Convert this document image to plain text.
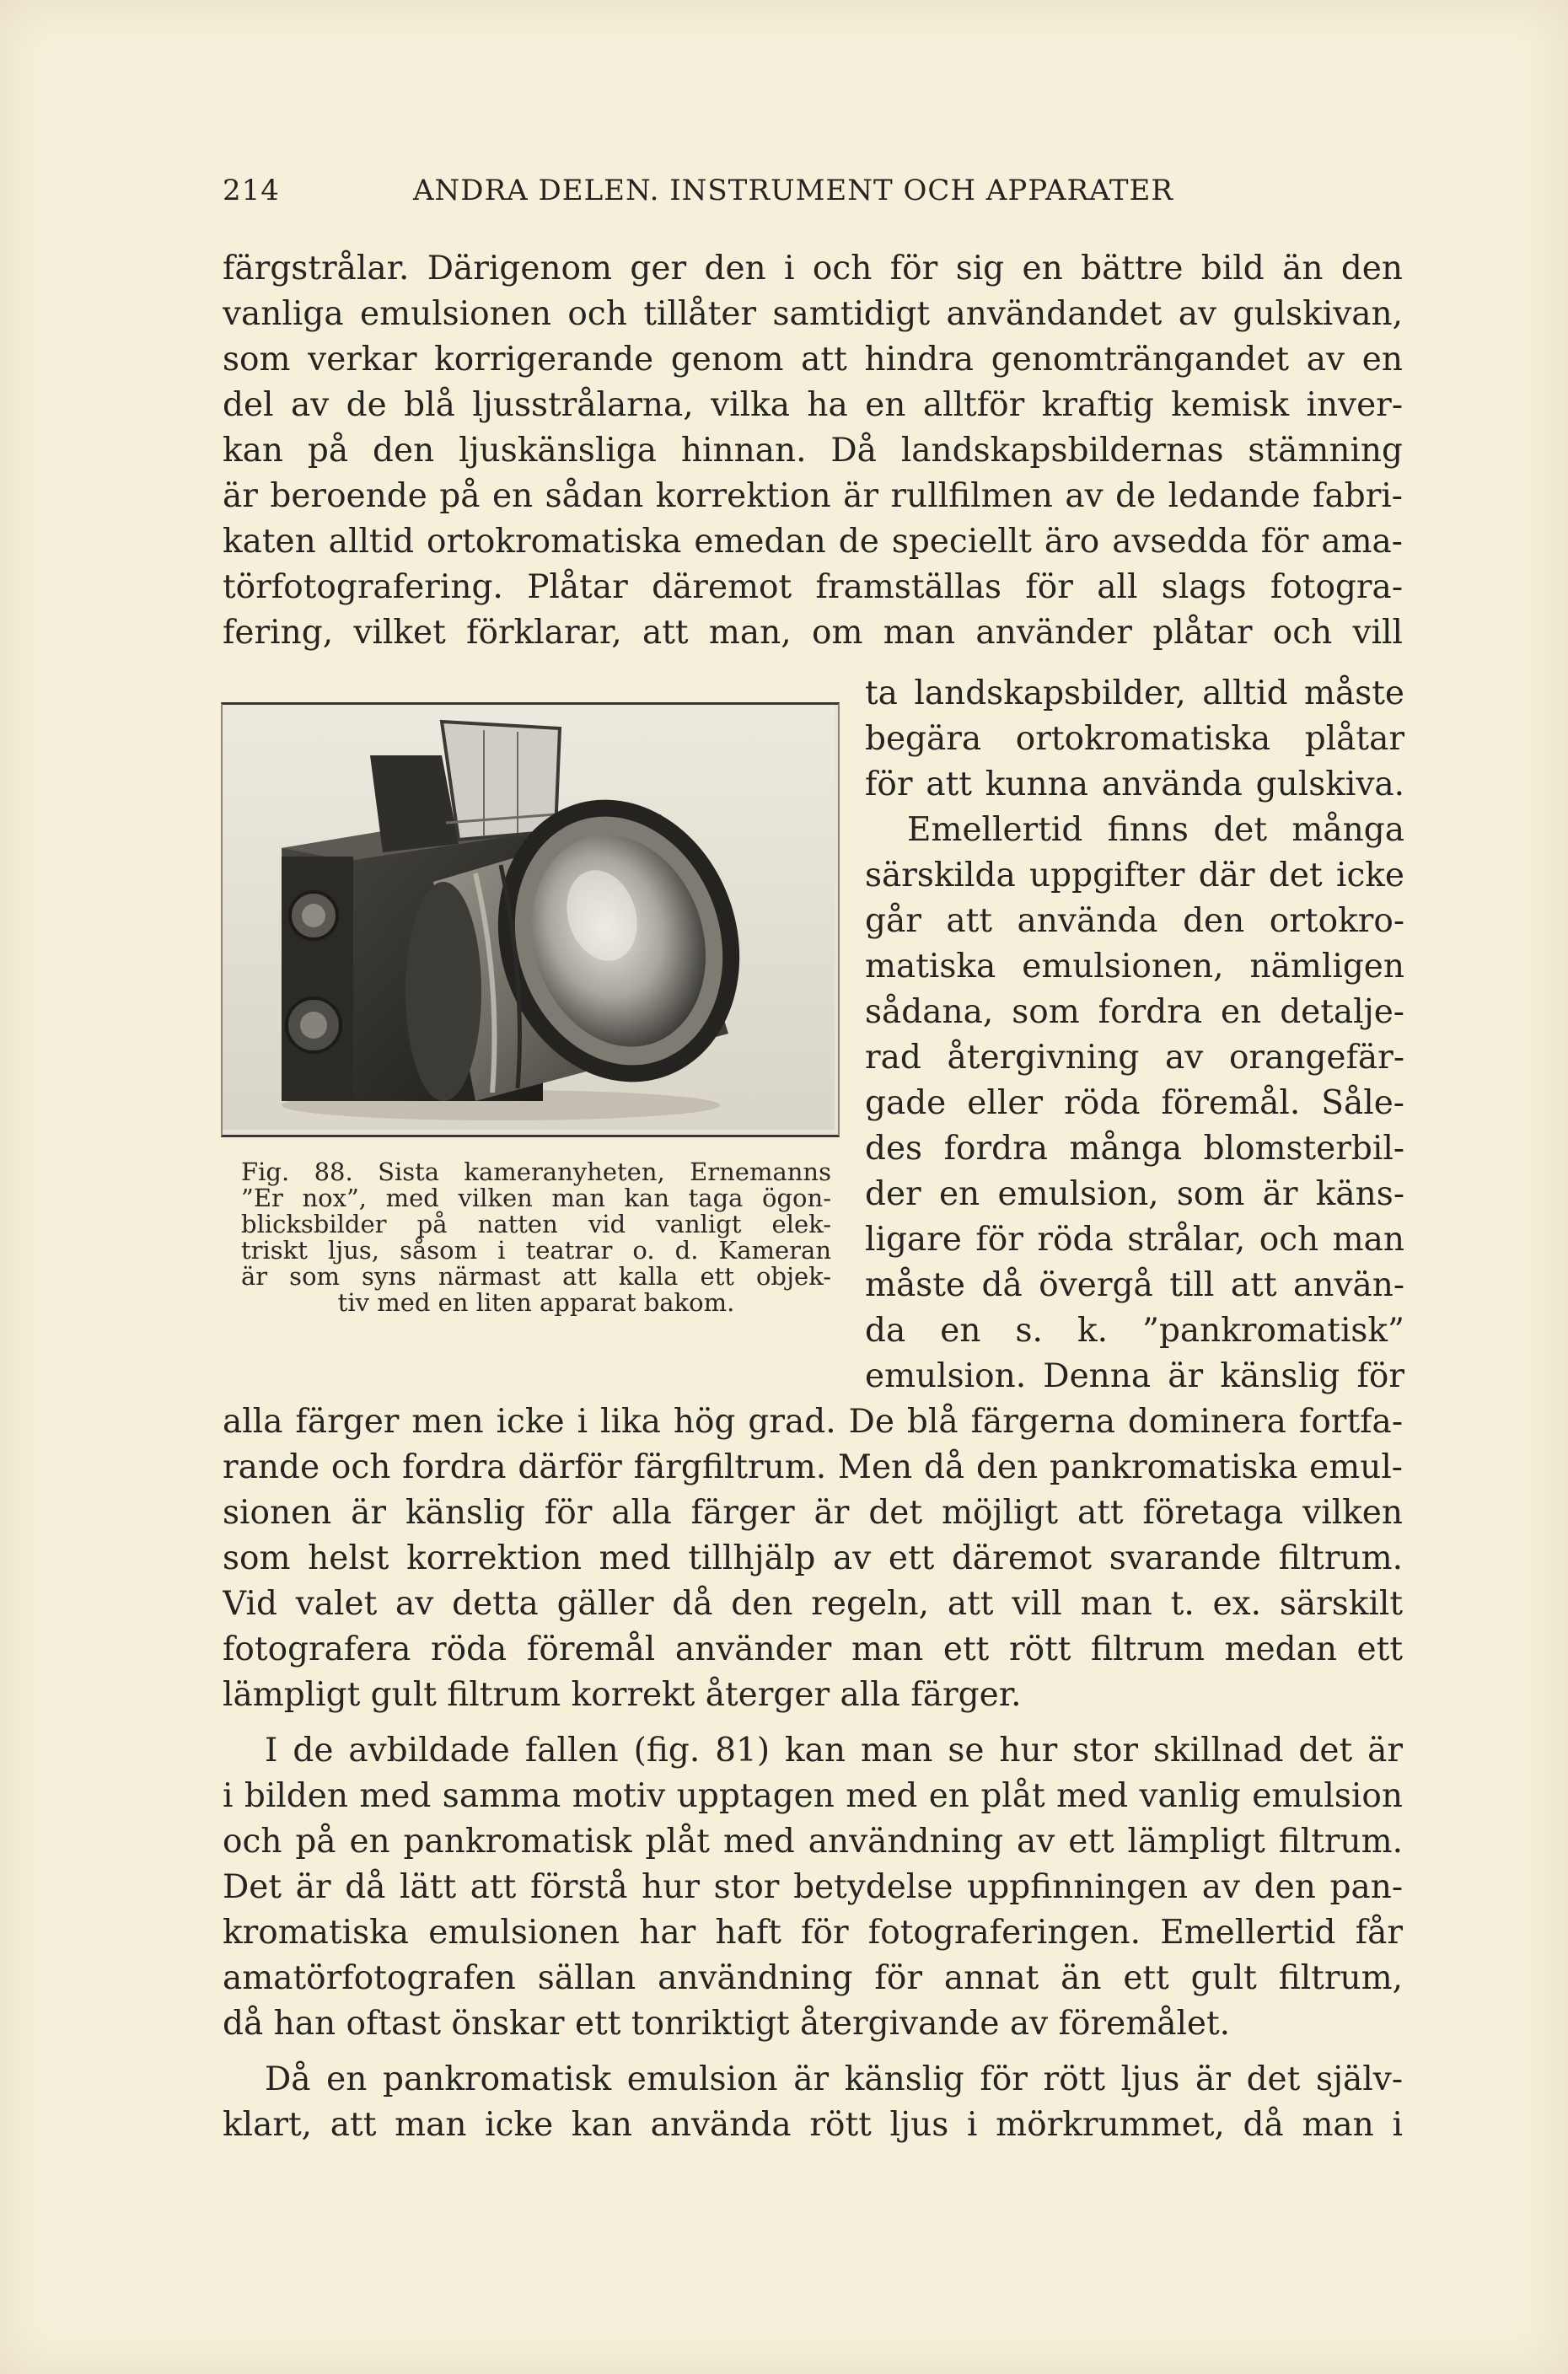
214	ANDRA DELEN. INSTRUMENT OCH APPARATER
färgstrålar. Därigenom ger den i och för sig en bättre bild än den
vanliga emulsionen och tillåter samtidigt användandet av gulskivan,
som verkar korrigerande genom att hindra genomträngandet av en
del av de blå ljusstrålarna, vilka ha en alltför kraftig kemisk inver-
kan på den ljuskänsliga hinnan. Då landskapsbildernas stämning
är beroende på en sådan korrektion är rullfilmen av de ledande fabri-
katen alltid ortokromatiska emedan de speciellt äro avsedda för ama-
törfotografering. Plåtar däremot framställas för all slags fotogra-
fering, vilket förklarar, att man, om man använder plåtar och vill
ta landskapsbilder, alltid måste
begära ortokromatiska plåtar
för att kunna använda gulskiva.
Emellertid finns det många
särskilda uppgifter där det icke
går att använda den ortokro-
matiska emulsionen, nämligen
sådana, som fordra en detalje-
rad återgivning av orangefär-
gade eller röda föremål. Såle-
des fordra många blomsterbil-
der en emulsion, som är käns-
ligare för röda strålar, och man
måste då övergå till att använ-
da en s. k. ”pankromatisk”
emulsion. Denna är känslig för
alla färger men icke i lika hög grad. De blå färgerna dominera fortfa-
rande och fordra därför färgfiltrum. Men då den pankromatiska emul-
sionen är känslig för alla färger är det möjligt att företaga vilken
som helst korrektion med tillhjälp av ett däremot svarande filtrum.
Vid valet av detta gäller då den regeln, att vill man t. ex. särskilt
fotografera röda föremål använder man ett rött filtrum medan ett
lämpligt gult filtrum korrekt återger alla färger.
I de avbildade fallen (fig. 81) kan man se hur stor skillnad det är
i bilden med samma motiv upptagen med en plåt med vanlig emulsion
och på en pankromatisk plåt med användning av ett lämpligt filtrum.
Det är då lätt att förstå hur stor betydelse uppfinningen av den pan-
kromatiska emulsionen har haft för fotograferingen. Emellertid får
amatörfotografen sällan användning för annat än ett gult filtrum,
då han oftast önskar ett tonriktigt återgivande av föremålet.
Då en pankromatisk emulsion är känslig för rött ljus är det själv-
klart, att man icke kan använda rött ljus i mörkrummet, då man i
Fig. 88. Sista kameranyheten, Ernemanns
”Er nox”, med vilken man kan taga ögon-
blicksbilder på natten vid vanligt elek-
triskt ljus, såsom i teatrar o. d. Kameran
är som syns närmast att kalla ett objek-
tiv med en liten apparat bakom.
